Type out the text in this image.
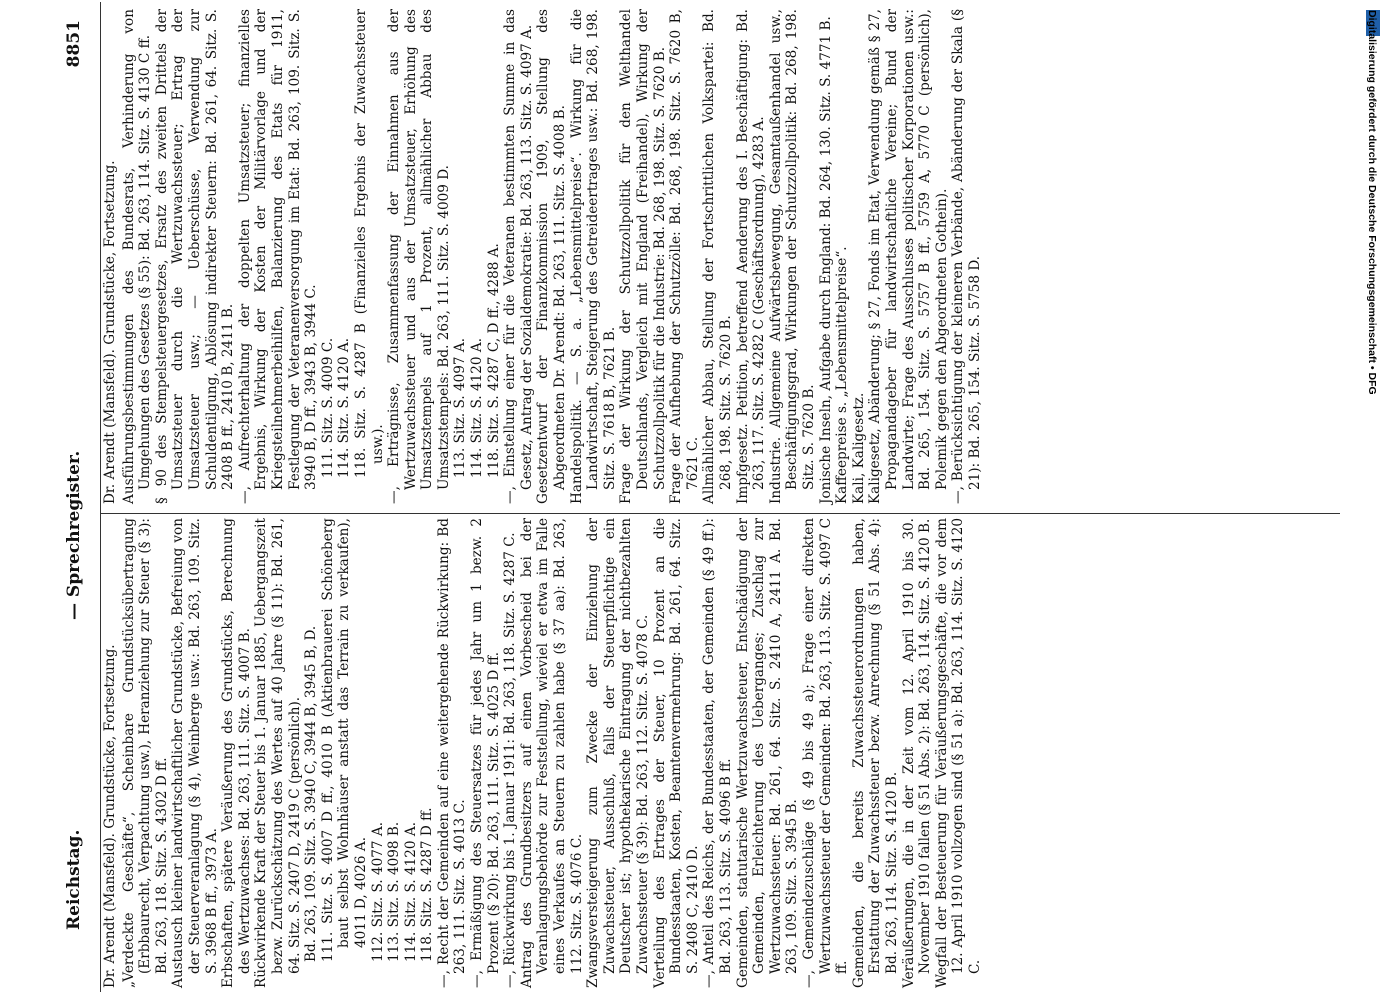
Reichstag.
— Sprechregister.
8851

Dr. Arendt (Mansfeld). Grundstücke, Fortsetzung. „Verdeckte Geschäfte“, Scheinbare Grundstücksübertragung (Erbbaurecht, Verpachtung usw.), Heranziehung zur Steuer (§ 3): Bd. 263, 118. Sitz. S. 4302 D ff. Austausch kleiner landwirtschaftlicher Grundstücke, Befreiung von der Steuerveranlagung (§ 4), Weinberge usw.: Bd. 263, 109. Sitz. S. 3968 B ff., 3973 A. Erbschaften, spätere Veräußerung des Grundstücks, Berechnung des Wertzuwachses: Bd. 263, 111. Sitz. S. 4007 B. Rückwirkende Kraft der Steuer bis 1. Januar 1885, Uebergangszeit bezw. Zurückschätzung des Wertes auf 40 Jahre (§ 11): Bd. 261, 64. Sitz. S. 2407 D, 2419 C (persönlich). Bd. 263, 109. Sitz. S. 3940 C, 3944 B, 3945 B, D. 111. Sitz. S. 4007 D ff., 4010 B (Aktienbrauerei Schöneberg baut selbst Wohnhäuser anstatt das Terrain zu verkaufen), 4011 D, 4026 A. 112. Sitz. S. 4077 A. 113. Sitz. S. 4098 B. 114. Sitz. S. 4120 A. 118. Sitz. S. 4287 D ff. —, Recht der Gemeinden auf eine weitergehende Rückwirkung: Bd 263, 111. Sitz. S. 4013 C. —, Ermäßigung des Steuersatzes für jedes Jahr um 1 bezw. 2 Prozent (§ 20): Bd. 263, 111. Sitz. S. 4025 D ff. —, Rückwirkung bis 1. Januar 1911: Bd. 263, 118. Sitz. S. 4287 C. Antrag des Grundbesitzers auf einen Vorbescheid bei der Veranlagungsbehörde zur Feststellung, wieviel er etwa im Falle eines Verkaufes an Steuern zu zahlen habe (§ 37 aa): Bd. 263, 112. Sitz. S. 4076 C. Zwangsversteigerung zum Zwecke der Einziehung der Zuwachssteuer, Ausschluß, falls der Steuerpflichtige ein Deutscher ist; hypothekarische Eintragung der nichtbezahlten Zuwachssteuer (§ 39): Bd. 263, 112. Sitz. S. 4078 C. Verteilung des Ertrages der Steuer, 10 Prozent an die Bundesstaaten, Kosten, Beamtenvermehrung: Bd. 261, 64. Sitz. S. 2408 C, 2410 D. —, Anteil des Reichs, der Bundesstaaten, der Gemeinden (§ 49 ff.): Bd. 263, 113. Sitz. S. 4096 B ff. Gemeinden, statutarische Wertzuwachssteuer, Entschädigung der Gemeinden, Erleichterung des Ueberganges; Zuschlag zur Wertzuwachssteuer: Bd. 261, 64. Sitz. S. 2410 A, 2411 A. Bd. 263, 109. Sitz. S. 3945 B. —, Gemeindezuschläge (§ 49 bis 49 a); Frage einer direkten Wertzuwachssteuer der Gemeinden: Bd. 263, 113. Sitz. S. 4097 C ff. Gemeinden, die bereits Zuwachssteuerordnungen haben, Erstattung der Zuwachssteuer bezw. Anrechnung (§ 51 Abs. 4): Bd. 263, 114. Sitz. S. 4120 B. Veräußerungen, die in der Zeit vom 12. April 1910 bis 30. November 1910 fallen (§ 51 Abs. 2): Bd. 263, 114. Sitz. S. 4120 B. Wegfall der Besteuerung für Veräußerungsgeschäfte, die vor dem 12. April 1910 vollzogen sind (§ 51 a): Bd. 263, 114. Sitz. S. 4120 C.

Dr. Arendt (Mansfeld). Grundstücke, Fortsetzung. Ausführungsbestimmungen des Bundesrats, Verhinderung von Umgehungen des Gesetzes (§ 55): Bd. 263, 114. Sitz. S. 4130 C ff. § 90 des Stempelsteuergesetzes, Ersatz des zweiten Drittels der Umsatzsteuer durch die Wertzuwachssteuer; Ertrag der Umsatzsteuer usw.; — Ueberschüsse, Verwendung zur Schuldentilgung, Ablösung indirekter Steuern: Bd. 261, 64. Sitz. S. 2408 B ff., 2410 B, 2411 B. —, Aufrechterhaltung der doppelten Umsatzsteuer; finanzielles Ergebnis, Wirkung der Kosten der Militärvorlage und der Kriegsteilnehmerbeihilfen, Balanzierung des Etats für 1911, Festlegung der Veteranenversorgung im Etat: Bd. 263, 109. Sitz. S. 3940 B, D ff., 3943 B, 3944 C. 111. Sitz. S. 4009 C. 114. Sitz. S. 4120 A. 118. Sitz. S. 4287 B (Finanzielles Ergebnis der Zuwachssteuer usw.). —, Erträgnisse, Zusammenfassung der Einnahmen aus der Wertzuwachssteuer und aus der Umsatzsteuer, Erhöhung des Umsatzstempels auf 1 Prozent, allmählicher Abbau des Umsatzstempels: Bd. 263, 111. Sitz. S. 4009 D. 113. Sitz. S. 4097 A. 114. Sitz. S. 4120 A. 118. Sitz. S. 4287 C, D ff., 4288 A. —, Einstellung einer für die Veteranen bestimmten Summe in das Gesetz, Antrag der Sozialdemokratie: Bd. 263, 113. Sitz. S. 4097 A. Gesetzentwurf der Finanzkommission 1909, Stellung des Abgeordneten Dr. Arendt: Bd. 263, 111. Sitz. S. 4008 B. Handelspolitik. — S. a. „Lebensmittelpreise“. Wirkung für die Landwirtschaft, Steigerung des Getreideertrages usw.: Bd. 268, 198. Sitz. S. 7618 B, 7621 B. Frage der Wirkung der Schutzzollpolitik für den Welthandel Deutschlands, Vergleich mit England (Freihandel), Wirkung der Schutzzollpolitik für die Industrie: Bd. 268, 198. Sitz. S. 7620 B. Frage der Aufhebung der Schutzzölle: Bd. 268, 198. Sitz. S. 7620 B, 7621 C. Allmählicher Abbau, Stellung der Fortschrittlichen Volkspartei: Bd. 268, 198. Sitz. S. 7620 B. Impfgesetz. Petition, betreffend Aenderung des I. Beschäftigung: Bd. 263, 117. Sitz. S. 4282 C (Geschäftsordnung), 4283 A. Industrie. Allgemeine Aufwärtsbewegung, Gesamtaußenhandel usw., Beschäftigungsgrad, Wirkungen der Schutzzollpolitik: Bd. 268, 198. Sitz. S. 7620 B. Jonische Inseln, Aufgabe durch England: Bd. 264, 130. Sitz. S. 4771 B. Kaffeepreise s. „Lebensmittelpreise“. Kali, Kaligesetz. Kaligesetz, Abänderung; § 27, Fonds im Etat, Verwendung gemäß § 27, Propagandageber für landwirtschaftliche Vereine; Bund der Landwirte; Frage des Ausschlusses politischer Korporationen usw.: Bd. 265, 154. Sitz. S. 5757 B ff., 5759 A, 5770 C (persönlich), Polemik gegen den Abgeordneten Gothein). —, Berücksichtigung der kleineren Verbände, Abänderung der Skala (§ 21): Bd. 265, 154. Sitz. S. 5758 D.	Digitalisierung gefördert durch die Deutsche Forschungsgemeinschaft • DFG
